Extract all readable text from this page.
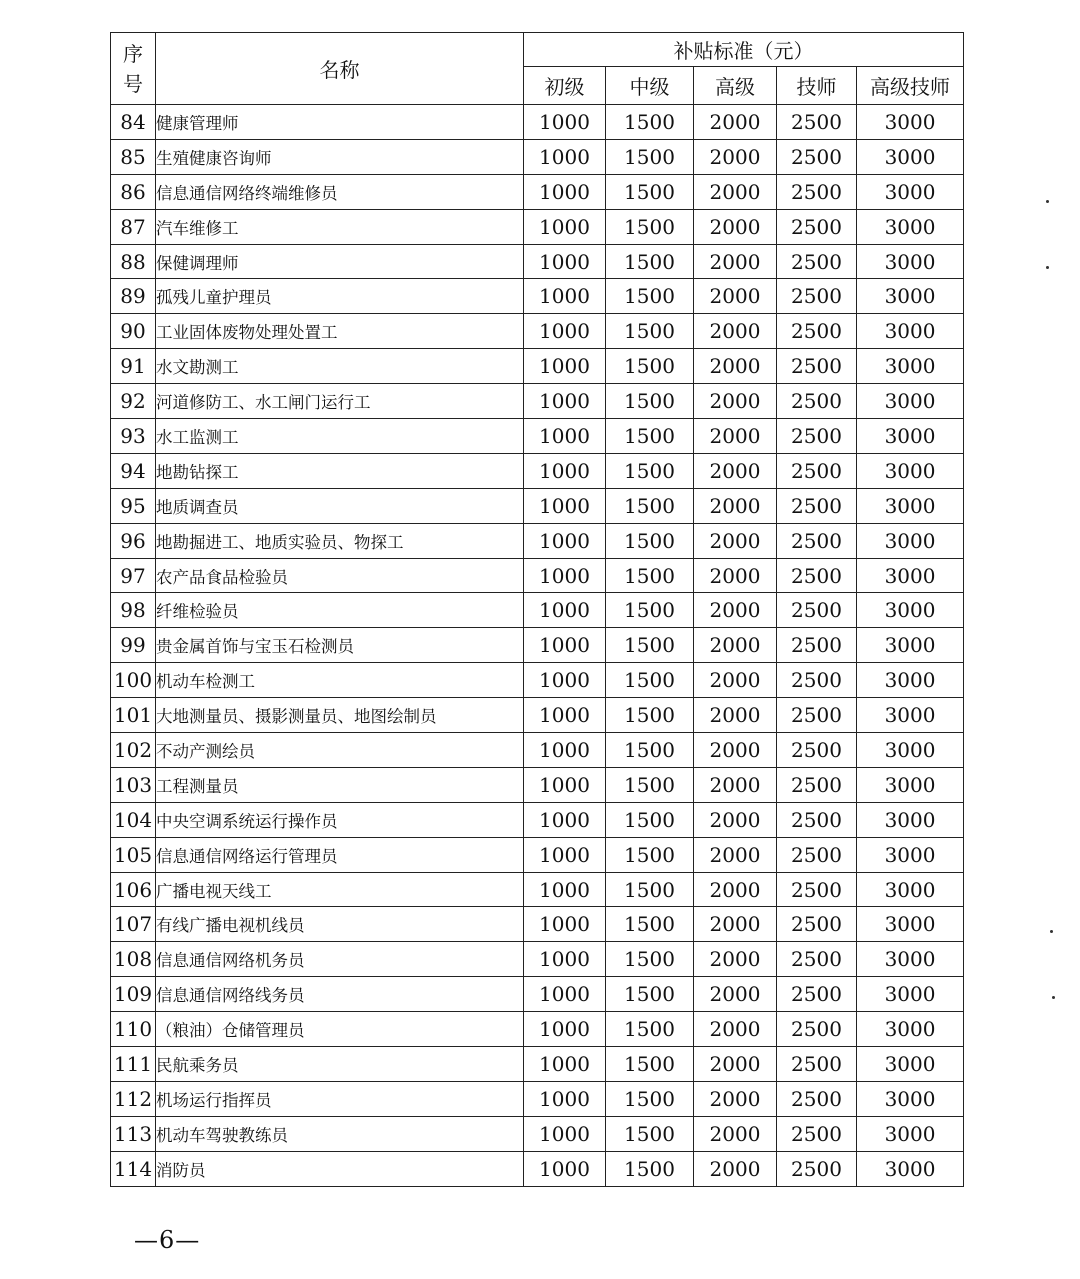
序
号	名称	补贴标准（元）				
		初级	中级	高级	技师	高级技师
84	健康管理师	1000	1500	2000	2500	3000
85	生殖健康咨询师	1000	1500	2000	2500	3000
86	信息通信网络终端维修员	1000	1500	2000	2500	3000
87	汽车维修工	1000	1500	2000	2500	3000
88	保健调理师	1000	1500	2000	2500	3000
89	孤残儿童护理员	1000	1500	2000	2500	3000
90	工业固体废物处理处置工	1000	1500	2000	2500	3000
91	水文勘测工	1000	1500	2000	2500	3000
92	河道修防工、水工闸门运行工	1000	1500	2000	2500	3000
93	水工监测工	1000	1500	2000	2500	3000
94	地勘钻探工	1000	1500	2000	2500	3000
95	地质调查员	1000	1500	2000	2500	3000
96	地勘掘进工、地质实验员、物探工	1000	1500	2000	2500	3000
97	农产品食品检验员	1000	1500	2000	2500	3000
98	纤维检验员	1000	1500	2000	2500	3000
99	贵金属首饰与宝玉石检测员	1000	1500	2000	2500	3000
100	机动车检测工	1000	1500	2000	2500	3000
101	大地测量员、摄影测量员、地图绘制员	1000	1500	2000	2500	3000
102	不动产测绘员	1000	1500	2000	2500	3000
103	工程测量员	1000	1500	2000	2500	3000
104	中央空调系统运行操作员	1000	1500	2000	2500	3000
105	信息通信网络运行管理员	1000	1500	2000	2500	3000
106	广播电视天线工	1000	1500	2000	2500	3000
107	有线广播电视机线员	1000	1500	2000	2500	3000
108	信息通信网络机务员	1000	1500	2000	2500	3000
109	信息通信网络线务员	1000	1500	2000	2500	3000
110	（粮油）仓储管理员	1000	1500	2000	2500	3000
111	民航乘务员	1000	1500	2000	2500	3000
112	机场运行指挥员	1000	1500	2000	2500	3000
113	机动车驾驶教练员	1000	1500	2000	2500	3000
114	消防员	1000	1500	2000	2500	3000
—6—
